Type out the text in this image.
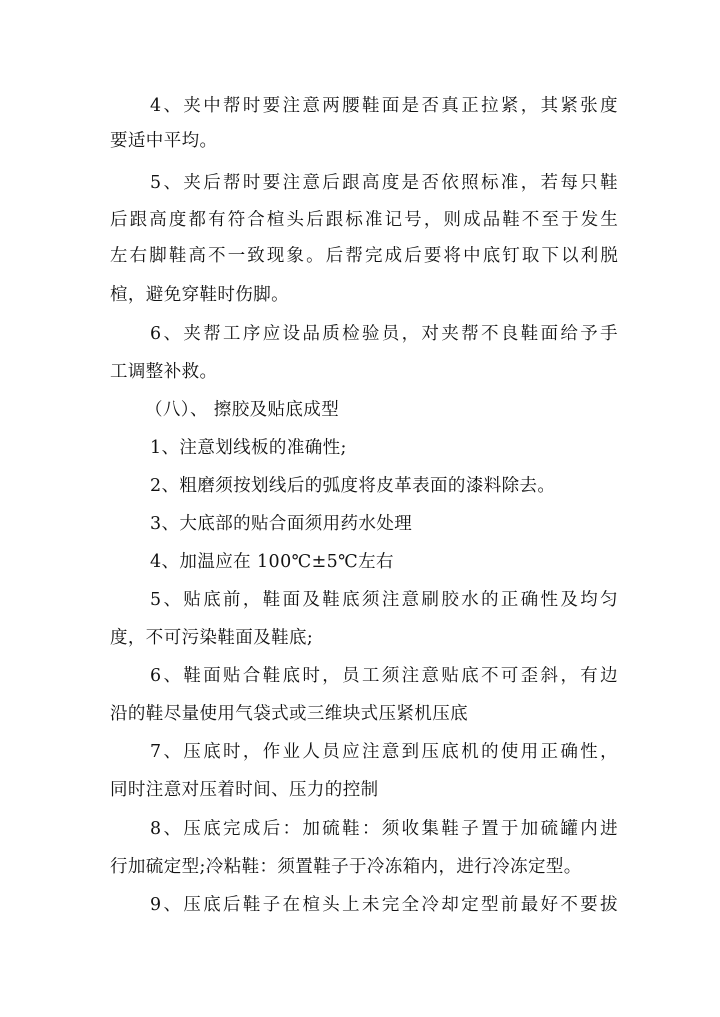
4、夹中帮时要注意两腰鞋面是否真正拉紧，其紧张度
要适中平均。
5、夹后帮时要注意后跟高度是否依照标准，若每只鞋
后跟高度都有符合楦头后跟标准记号，则成品鞋不至于发生
左右脚鞋高不一致现象。后帮完成后要将中底钉取下以利脱
楦，避免穿鞋时伤脚。
6、夹帮工序应设品质检验员，对夹帮不良鞋面给予手
工调整补救。
（八）、 擦胶及贴底成型
1、注意划线板的准确性;
2、粗磨须按划线后的弧度将皮革表面的漆料除去。
3、大底部的贴合面须用药水处理
4、加温应在 100℃±5℃左右
5、贴底前，鞋面及鞋底须注意刷胶水的正确性及均匀
度，不可污染鞋面及鞋底;
6、鞋面贴合鞋底时，员工须注意贴底不可歪斜，有边
沿的鞋尽量使用气袋式或三维块式压紧机压底
7、压底时，作业人员应注意到压底机的使用正确性，
同时注意对压着时间、压力的控制
8、压底完成后：加硫鞋：须收集鞋子置于加硫罐内进
行加硫定型;冷粘鞋：须置鞋子于冷冻箱内，进行冷冻定型。
9、压底后鞋子在楦头上未完全冷却定型前最好不要拔
